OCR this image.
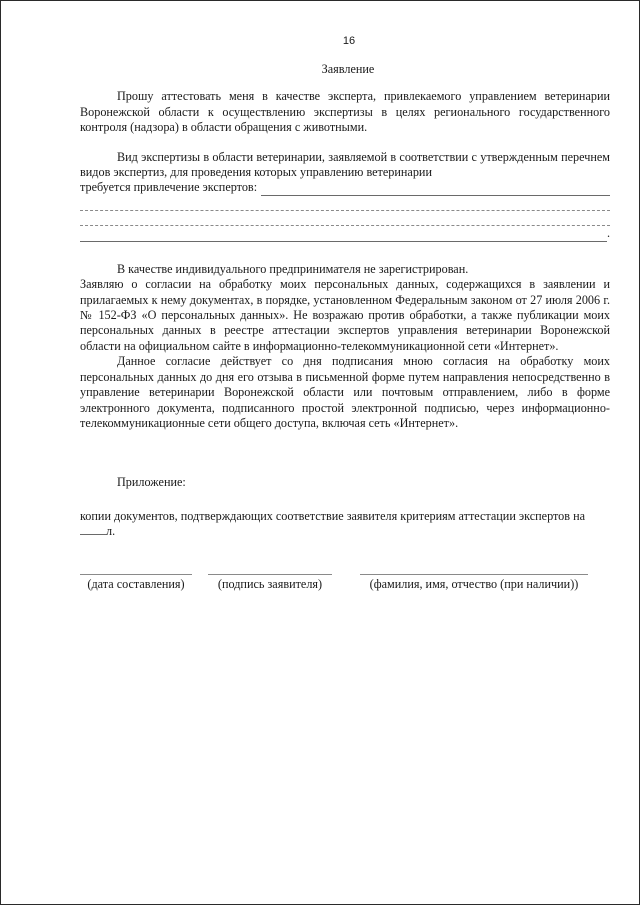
16
Заявление

Прошу аттестовать меня в качестве эксперта, привлекаемого управлением ветеринарии Воронежской области к осуществлению экспертизы в целях регионального государственного контроля (надзора) в области обращения с животными.

Вид экспертизы в области ветеринарии, заявляемой в соответствии с утвержденным перечнем видов экспертиз, для проведения которых управлению ветеринарии

требуется привлечение экспертов:
.

В качестве индивидуального предпринимателя не зарегистрирован.

Заявляю о согласии на обработку моих персональных данных, содержащихся в заявлении и прилагаемых к нему документах, в порядке, установленном Федеральным законом от 27 июля 2006 г. № 152-ФЗ «О персональных данных». Не возражаю против обработки, а также публикации моих персональных данных в реестре аттестации экспертов управления ветеринарии Воронежской области на официальном сайте в информационно-телекоммуникационной сети «Интернет».

Данное согласие действует со дня подписания мною согласия на обработку моих персональных данных до дня его отзыва в письменной форме путем направления непосредственно в управление ветеринарии Воронежской области или почтовым отправлением, либо в форме электронного документа, подписанного простой электронной подписью, через информационно-телекоммуникационные сети общего доступа, включая сеть «Интернет».

Приложение:

копии документов, подтверждающих соответствие заявителя критериям аттестации экспертов на
л.

(дата составления)	(подпись заявителя)	(фамилия, имя, отчество (при наличии))
